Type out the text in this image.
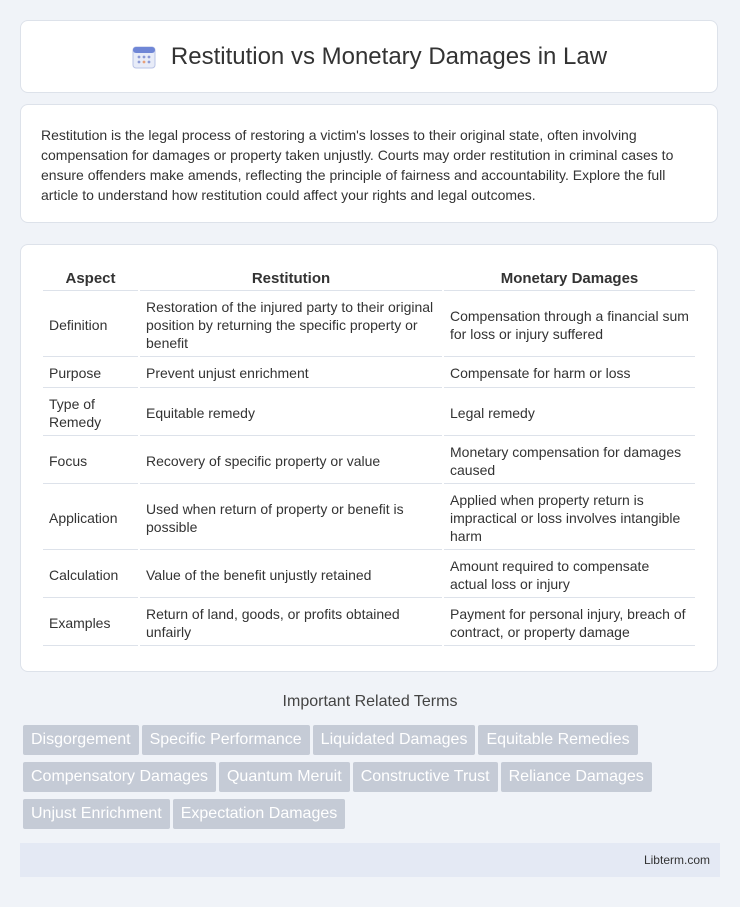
Restitution vs Monetary Damages in Law

Restitution is the legal process of restoring a victim's losses to their original state, often involving compensation for damages or property taken unjustly. Courts may order restitution in criminal cases to ensure offenders make amends, reflecting the principle of fairness and accountability. Explore the full article to understand how restitution could affect your rights and legal outcomes.

Aspect	Restitution	Monetary Damages
Definition	Restoration of the injured party to their original position by returning the specific property or benefit	Compensation through a financial sum for loss or injury suffered
Purpose	Prevent unjust enrichment	Compensate for harm or loss
Type of Remedy	Equitable remedy	Legal remedy
Focus	Recovery of specific property or value	Monetary compensation for damages caused
Application	Used when return of property or benefit is possible	Applied when property return is impractical or loss involves intangible harm
Calculation	Value of the benefit unjustly retained	Amount required to compensate actual loss or injury
Examples	Return of land, goods, or profits obtained unfairly	Payment for personal injury, breach of contract, or property damage
Important Related Terms
Disgorgement Specific Performance Liquidated Damages Equitable Remedies
Compensatory Damages Quantum Meruit Constructive Trust Reliance Damages
Unjust Enrichment Expectation Damages
Libterm.com
